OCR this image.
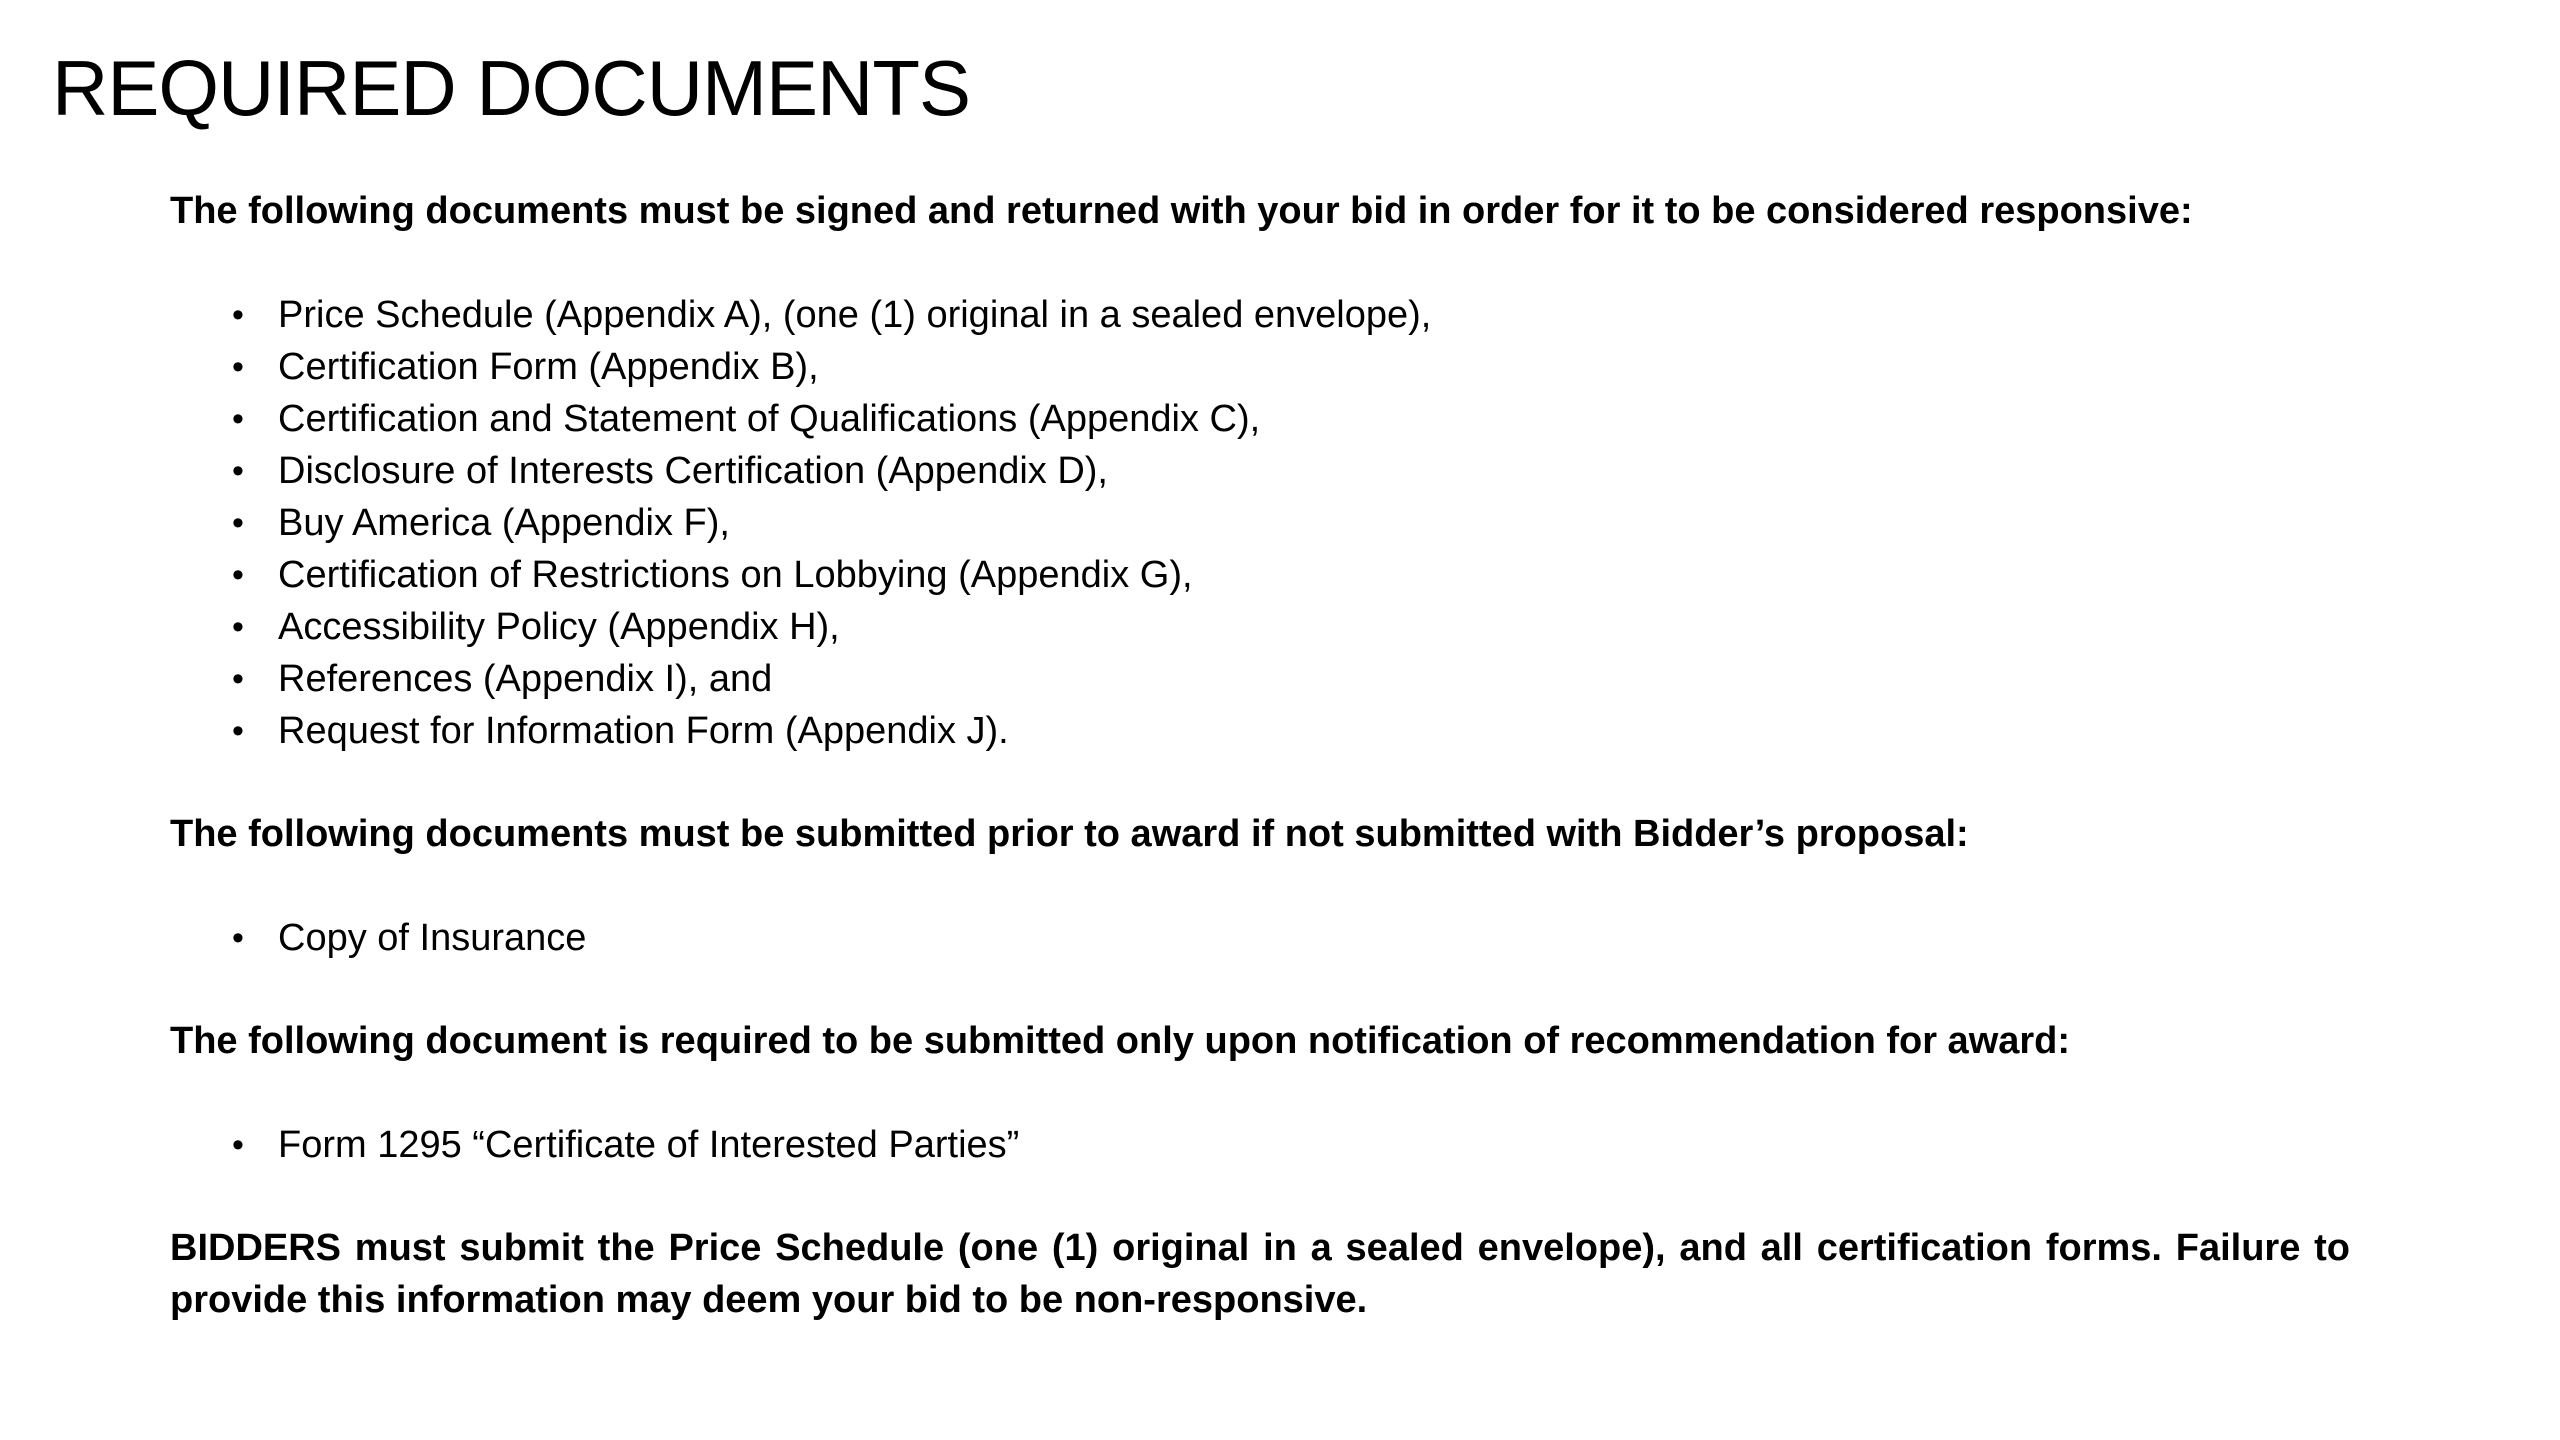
REQUIRED DOCUMENTS

The following documents must be signed and returned with your bid in order for it to be considered responsive:

• Price Schedule (Appendix A), (one (1) original in a sealed envelope),
• Certification Form (Appendix B),
• Certification and Statement of Qualifications (Appendix C),
• Disclosure of Interests Certification (Appendix D),
• Buy America (Appendix F),
• Certification of Restrictions on Lobbying (Appendix G),
• Accessibility Policy (Appendix H),
• References (Appendix I), and
• Request for Information Form (Appendix J).

The following documents must be submitted prior to award if not submitted with Bidder’s proposal:

• Copy of Insurance

The following document is required to be submitted only upon notification of recommendation for award:

• Form 1295 “Certificate of Interested Parties”

BIDDERS must submit the Price Schedule (one (1) original in a sealed envelope), and all certification forms. Failure to provide this information may deem your bid to be non-responsive.
